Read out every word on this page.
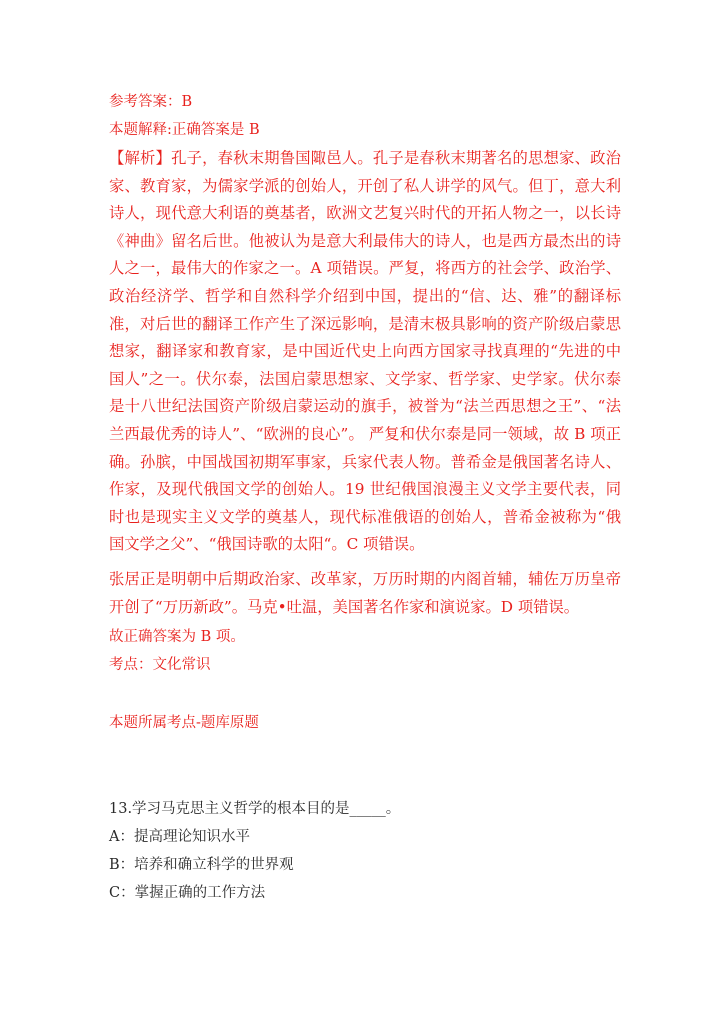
参考答案：B
本题解释:正确答案是 B
【解析】孔子，春秋末期鲁国陬邑人。孔子是春秋末期著名的思想家、政治家、教育家，为儒家学派的创始人，开创了私人讲学的风气。但丁，意大利诗人，现代意大利语的奠基者，欧洲文艺复兴时代的开拓人物之一，以长诗《神曲》留名后世。他被认为是意大利最伟大的诗人，也是西方最杰出的诗人之一，最伟大的作家之一。A 项错误。严复，将西方的社会学、政治学、政治经济学、哲学和自然科学介绍到中国，提出的“信、达、雅”的翻译标准，对后世的翻译工作产生了深远影响，是清末极具影响的资产阶级启蒙思想家，翻译家和教育家，是中国近代史上向西方国家寻找真理的“先进的中国人”之一。伏尔泰，法国启蒙思想家、文学家、哲学家、史学家。伏尔泰是十八世纪法国资产阶级启蒙运动的旗手，被誉为“法兰西思想之王”、“法兰西最优秀的诗人”、“欧洲的良心”。 严复和伏尔泰是同一领域，故 B 项正确。孙膑，中国战国初期军事家，兵家代表人物。普希金是俄国著名诗人、作家，及现代俄国文学的创始人。19 世纪俄国浪漫主义文学主要代表，同时也是现实主义文学的奠基人，现代标准俄语的创始人，普希金被称为“俄国文学之父”、“俄国诗歌的太阳“。C 项错误。
张居正是明朝中后期政治家、改革家，万历时期的内阁首辅，辅佐万历皇帝开创了“万历新政”。马克•吐温，美国著名作家和演说家。D 项错误。
故正确答案为 B 项。
考点：文化常识
本题所属考点-题库原题
13.学习马克思主义哲学的根本目的是_____。
A：提高理论知识水平
B：培养和确立科学的世界观
C：掌握正确的工作方法
